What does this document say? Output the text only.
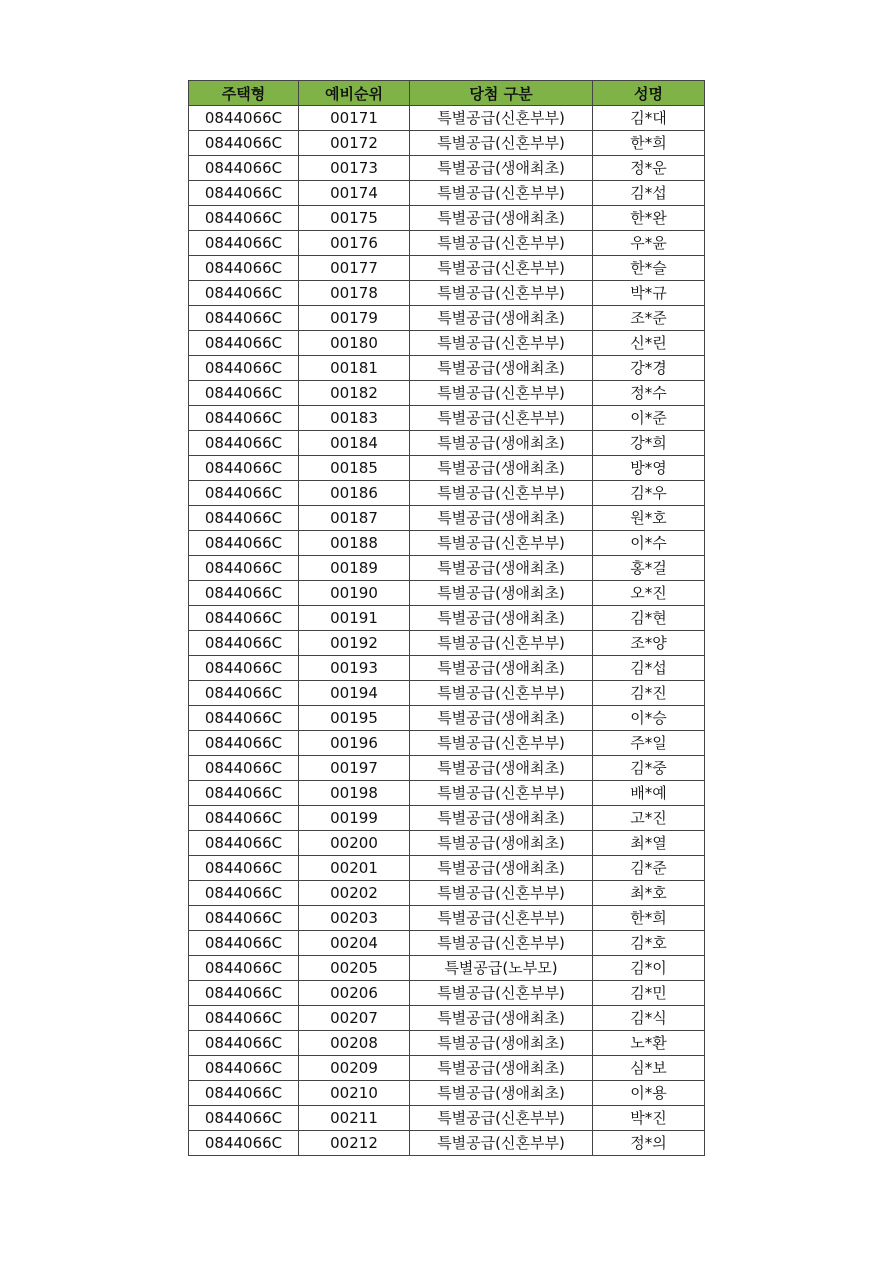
주택형	예비순위	당첨 구분	성명
0844066C	00171	특별공급(신혼부부)	김*대
0844066C	00172	특별공급(신혼부부)	한*희
0844066C	00173	특별공급(생애최초)	정*운
0844066C	00174	특별공급(신혼부부)	김*섭
0844066C	00175	특별공급(생애최초)	한*완
0844066C	00176	특별공급(신혼부부)	우*윤
0844066C	00177	특별공급(신혼부부)	한*슬
0844066C	00178	특별공급(신혼부부)	박*규
0844066C	00179	특별공급(생애최초)	조*준
0844066C	00180	특별공급(신혼부부)	신*린
0844066C	00181	특별공급(생애최초)	강*경
0844066C	00182	특별공급(신혼부부)	정*수
0844066C	00183	특별공급(신혼부부)	이*준
0844066C	00184	특별공급(생애최초)	강*희
0844066C	00185	특별공급(생애최초)	방*영
0844066C	00186	특별공급(신혼부부)	김*우
0844066C	00187	특별공급(생애최초)	원*호
0844066C	00188	특별공급(신혼부부)	이*수
0844066C	00189	특별공급(생애최초)	홍*걸
0844066C	00190	특별공급(생애최초)	오*진
0844066C	00191	특별공급(생애최초)	김*현
0844066C	00192	특별공급(신혼부부)	조*양
0844066C	00193	특별공급(생애최초)	김*섭
0844066C	00194	특별공급(신혼부부)	김*진
0844066C	00195	특별공급(생애최초)	이*승
0844066C	00196	특별공급(신혼부부)	주*일
0844066C	00197	특별공급(생애최초)	김*중
0844066C	00198	특별공급(신혼부부)	배*예
0844066C	00199	특별공급(생애최초)	고*진
0844066C	00200	특별공급(생애최초)	최*열
0844066C	00201	특별공급(생애최초)	김*준
0844066C	00202	특별공급(신혼부부)	최*호
0844066C	00203	특별공급(신혼부부)	한*희
0844066C	00204	특별공급(신혼부부)	김*호
0844066C	00205	특별공급(노부모)	김*이
0844066C	00206	특별공급(신혼부부)	김*민
0844066C	00207	특별공급(생애최초)	김*식
0844066C	00208	특별공급(생애최초)	노*환
0844066C	00209	특별공급(생애최초)	심*보
0844066C	00210	특별공급(생애최초)	이*용
0844066C	00211	특별공급(신혼부부)	박*진
0844066C	00212	특별공급(신혼부부)	정*의
